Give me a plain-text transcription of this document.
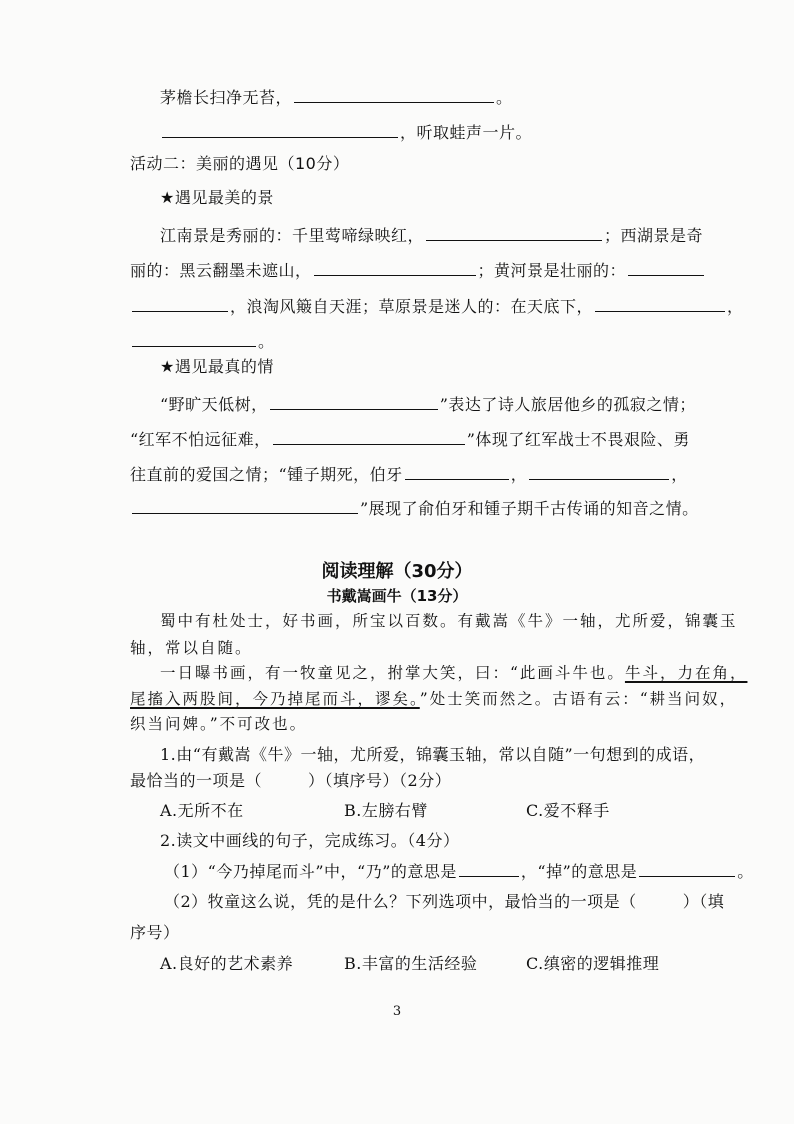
茅檐长扫净无苔，	。
，听取蛙声一片。
活动二：美丽的遇见（10分）
★遇见最美的景
江南景是秀丽的：千里莺啼绿映红，	；西湖景是奇
丽的：黑云翻墨未遮山，	；黄河景是壮丽的：
，浪淘风簸自天涯；草原景是迷人的：在天底下，	，
。
★遇见最真的情
“野旷天低树，	”表达了诗人旅居他乡的孤寂之情；
“红军不怕远征难，	”体现了红军战士不畏艰险、勇
往直前的爱国之情；“锺子期死，伯牙	，	，
”展现了俞伯牙和锺子期千古传诵的知音之情。
阅读理解（30分）
书戴嵩画牛（13分）
蜀中有杜处士，好书画，所宝以百数。有戴嵩《牛》一轴，尤所爱，锦囊玉
轴，常以自随。
一日曝书画，有一牧童见之，拊掌大笑，曰：“此画斗牛也。牛斗，力在角，
尾搐入两股间，今乃掉尾而斗，谬矣。”处士笑而然之。古语有云：“耕当问奴，
织当问婢。”不可改也。
1.由“有戴嵩《牛》一轴，尤所爱，锦囊玉轴，常以自随”一句想到的成语，
最恰当的一项是（	）（填序号）（2分）
A.无所不在	B.左膀右臂	C.爱不释手
2.读文中画线的句子，完成练习。（4分）
（1）“今乃掉尾而斗”中，“乃”的意思是	，“掉”的意思是	。
（2）牧童这么说，凭的是什么？下列选项中，最恰当的一项是（	）（填
序号）
A.良好的艺术素养	B.丰富的生活经验	C.缜密的逻辑推理
3
